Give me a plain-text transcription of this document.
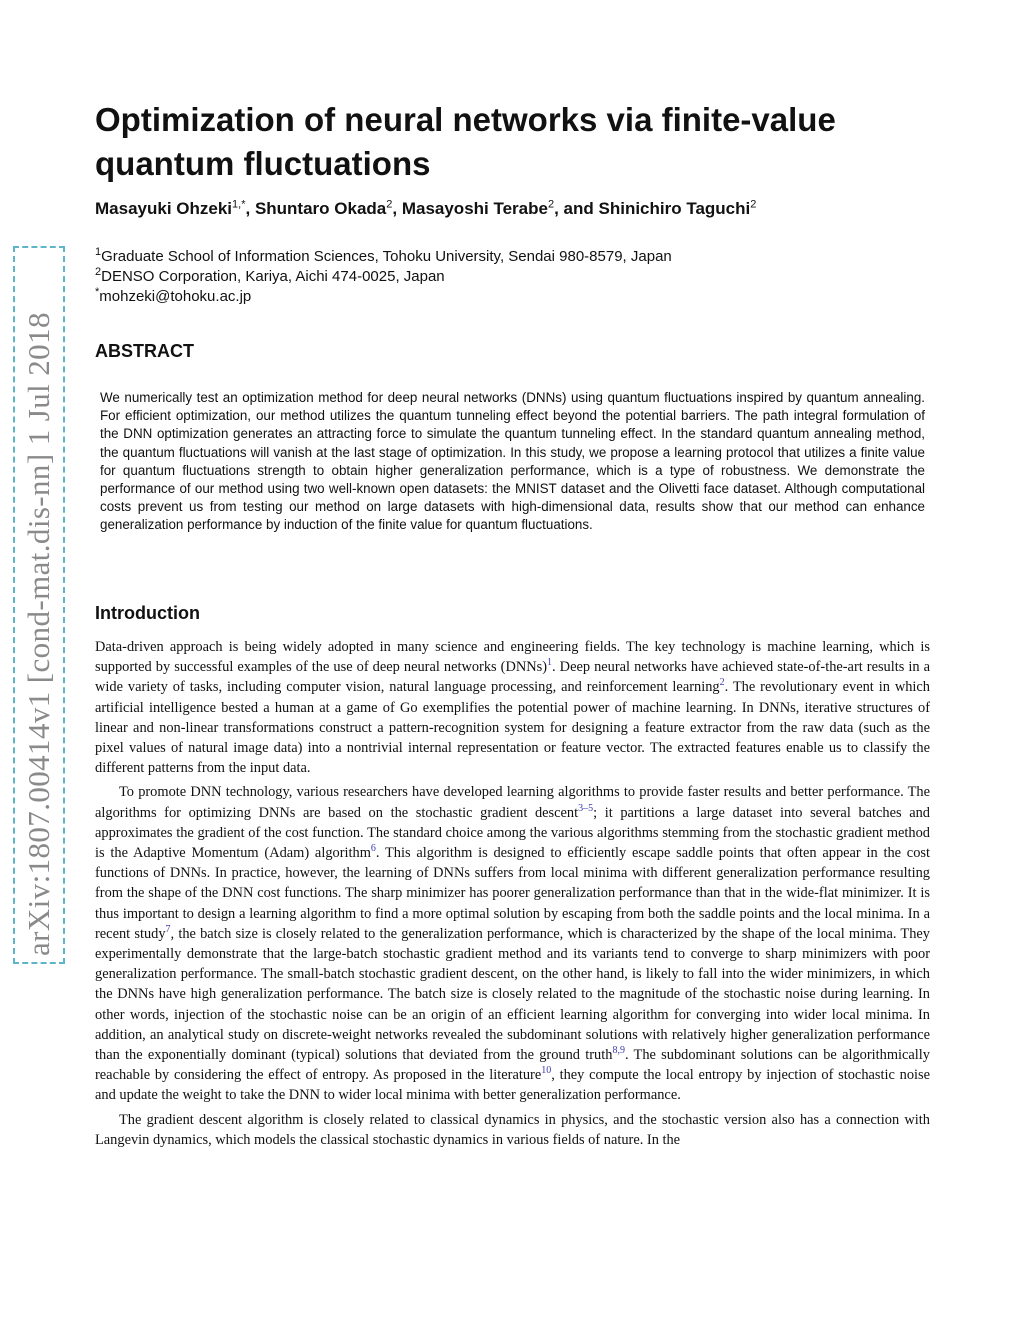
arXiv:1807.00414v1 [cond-mat.dis-nn] 1 Jul 2018
Optimization of neural networks via finite-value quantum fluctuations
Masayuki Ohzeki$^{1,*}$, Shuntaro Okada$^2$, Masayoshi Terabe$^2$, and Shinichiro Taguchi$^2$
$^1$Graduate School of Information Sciences, Tohoku University, Sendai 980-8579, Japan
$^2$DENSO Corporation, Kariya, Aichi 474-0025, Japan
*mohzeki@tohoku.ac.jp
ABSTRACT

We numerically test an optimization method for deep neural networks (DNNs) using quantum fluctuations inspired by quantum annealing. For efficient optimization, our method utilizes the quantum tunneling effect beyond the potential barriers. The path integral formulation of the DNN optimization generates an attracting force to simulate the quantum tunneling effect. In the standard quantum annealing method, the quantum fluctuations will vanish at the last stage of optimization. In this study, we propose a learning protocol that utilizes a finite value for quantum fluctuations strength to obtain higher generalization performance, which is a type of robustness. We demonstrate the performance of our method using two well-known open datasets: the MNIST dataset and the Olivetti face dataset. Although computational costs prevent us from testing our method on large datasets with high-dimensional data, results show that our method can enhance generalization performance by induction of the finite value for quantum fluctuations.

Introduction

Data-driven approach is being widely adopted in many science and engineering fields. The key technology is machine learning, which is supported by successful examples of the use of deep neural networks (DNNs)$^1$. Deep neural networks have achieved state-of-the-art results in a wide variety of tasks, including computer vision, natural language processing, and reinforcement learning$^2$. The revolutionary event in which artificial intelligence bested a human at a game of Go exemplifies the potential power of machine learning. In DNNs, iterative structures of linear and non-linear transformations construct a pattern-recognition system for designing a feature extractor from the raw data (such as the pixel values of natural image data) into a nontrivial internal representation or feature vector. The extracted features enable us to classify the different patterns from the input data.

To promote DNN technology, various researchers have developed learning algorithms to provide faster results and better performance. The algorithms for optimizing DNNs are based on the stochastic gradient descent$^{3-5}$; it partitions a large dataset into several batches and approximates the gradient of the cost function. The standard choice among the various algorithms stemming from the stochastic gradient method is the Adaptive Momentum (Adam) algorithm$^6$. This algorithm is designed to efficiently escape saddle points that often appear in the cost functions of DNNs. In practice, however, the learning of DNNs suffers from local minima with different generalization performance resulting from the shape of the DNN cost functions. The sharp minimizer has poorer generalization performance than that in the wide-flat minimizer. It is thus important to design a learning algorithm to find a more optimal solution by escaping from both the saddle points and the local minima. In a recent study$^7$, the batch size is closely related to the generalization performance, which is characterized by the shape of the local minima. They experimentally demonstrate that the large-batch stochastic gradient method and its variants tend to converge to sharp minimizers with poor generalization performance. The small-batch stochastic gradient descent, on the other hand, is likely to fall into the wider minimizers, in which the DNNs have high generalization performance. The batch size is closely related to the magnitude of the stochastic noise during learning. In other words, injection of the stochastic noise can be an origin of an efficient learning algorithm for converging into wider local minima. In addition, an analytical study on discrete-weight networks revealed the subdominant solutions with relatively higher generalization performance than the exponentially dominant (typical) solutions that deviated from the ground truth$^{8,9}$. The subdominant solutions can be algorithmically reachable by considering the effect of entropy. As proposed in the literature$^{10}$, they compute the local entropy by injection of stochastic noise and update the weight to take the DNN to wider local minima with better generalization performance.

The gradient descent algorithm is closely related to classical dynamics in physics, and the stochastic version also has a connection with Langevin dynamics, which models the classical stochastic dynamics in various fields of nature. In the
